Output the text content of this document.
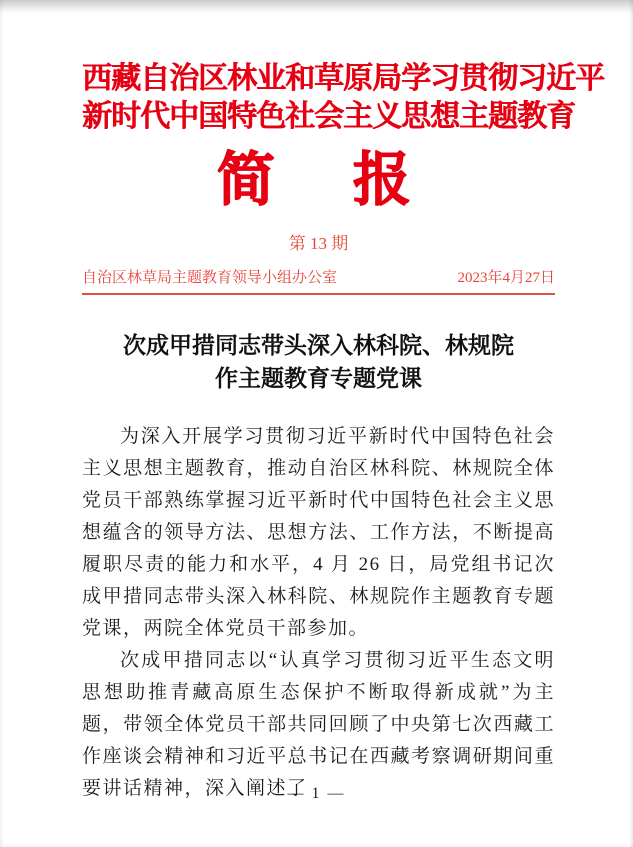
西藏自治区林业和草原局学习贯彻习近平
新时代中国特色社会主义思想主题教育
简　报
第 13 期
自治区林草局主题教育领导小组办公室	2023年4月27日
次成甲措同志带头深入林科院、林规院
作主题教育专题党课

为深入开展学习贯彻习近平新时代中国特色社会主义思想主题教育，推动自治区林科院、林规院全体党员干部熟练掌握习近平新时代中国特色社会主义思想蕴含的领导方法、思想方法、工作方法，不断提高履职尽责的能力和水平，4 月 26 日，局党组书记次成甲措同志带头深入林科院、林规院作主题教育专题党课，两院全体党员干部参加。

次成甲措同志以“认真学习贯彻习近平生态文明思想助推青藏高原生态保护不断取得新成就”为主题，带领全体党员干部共同回顾了中央第七次西藏工作座谈会精神和习近平总书记在西藏考察调研期间重要讲话精神，深入阐述了

— 1 —
